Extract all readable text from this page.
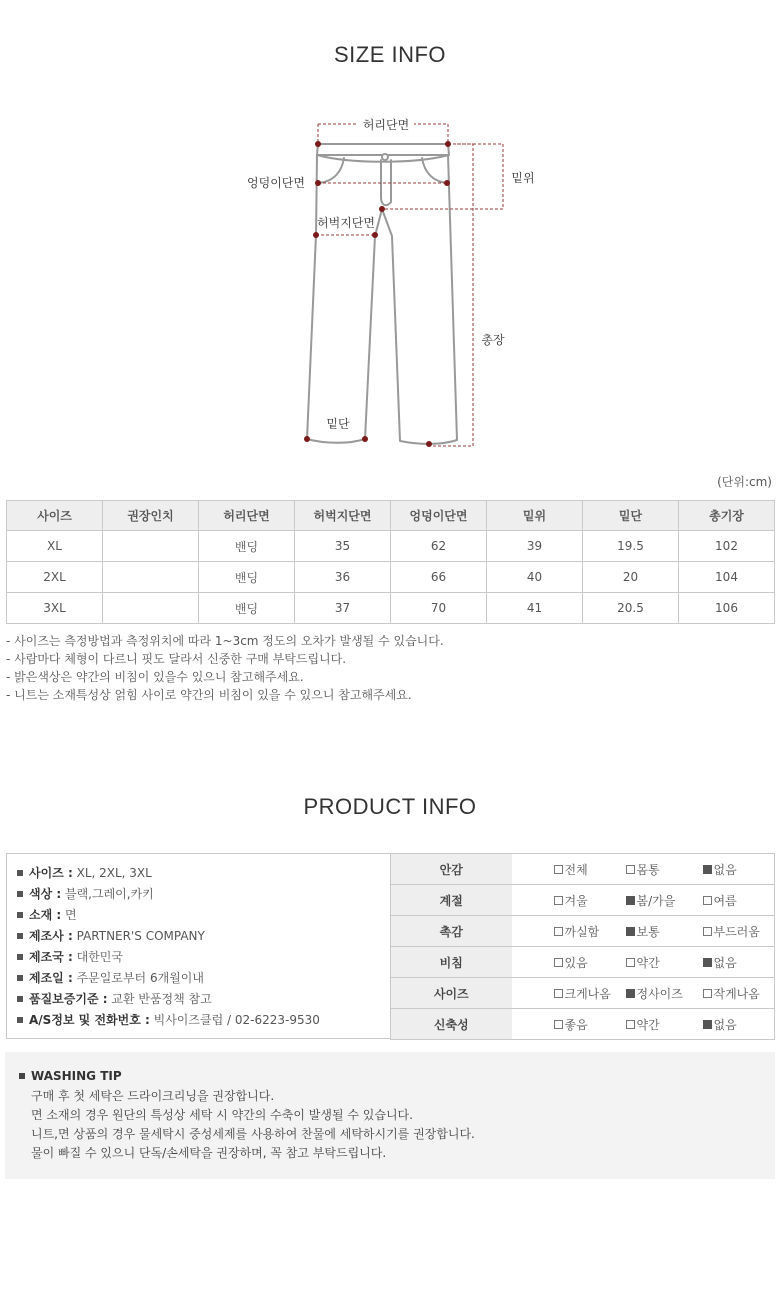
SIZE INFO
허리단면
엉덩이단면
허벅지단면
밑위
총장
밑단
(단위:cm)
사이즈	권장인치	허리단면	허벅지단면	엉덩이단면	밑위	밑단	총기장
XL		밴딩	35	62	39	19.5	102
2XL		밴딩	36	66	40	20	104
3XL		밴딩	37	70	41	20.5	106
- 사이즈는 측정방법과 측정위치에 따라 1~3cm 정도의 오차가 발생될 수 있습니다.
- 사람마다 체형이 다르니 핏도 달라서 신중한 구매 부탁드립니다.
- 밝은색상은 약간의 비침이 있을수 있으니 참고해주세요.
- 니트는 소재특성상 얽힘 사이로 약간의 비침이 있을 수 있으니 참고해주세요.
PRODUCT INFO
사이즈 : XL, 2XL, 3XL
색상 : 블랙,그레이,카키
소재 : 면
제조사 : PARTNER'S COMPANY
제조국 : 대한민국
제조일 : 주문일로부터 6개월이내
품질보증기준 : 교환 반품정책 참고
A/S정보 및 전화번호 : 빅사이즈클럽 / 02-6223-9530
안감	전체 몸통 없음
계절	겨울 봄/가을 여름
촉감	까실함 보통 부드러움
비침	있음 약간 없음
사이즈	크게나옴 정사이즈 작게나옴
신축성	좋음 약간 없음
WASHING TIP
구매 후 첫 세탁은 드라이크리닝을 권장합니다.
면 소재의 경우 원단의 특성상 세탁 시 약간의 수축이 발생될 수 있습니다.
니트,면 상품의 경우 물세탁시 중성세제를 사용하여 찬물에 세탁하시기를 권장합니다.
물이 빠질 수 있으니 단독/손세탁을 권장하며, 꼭 참고 부탁드립니다.
